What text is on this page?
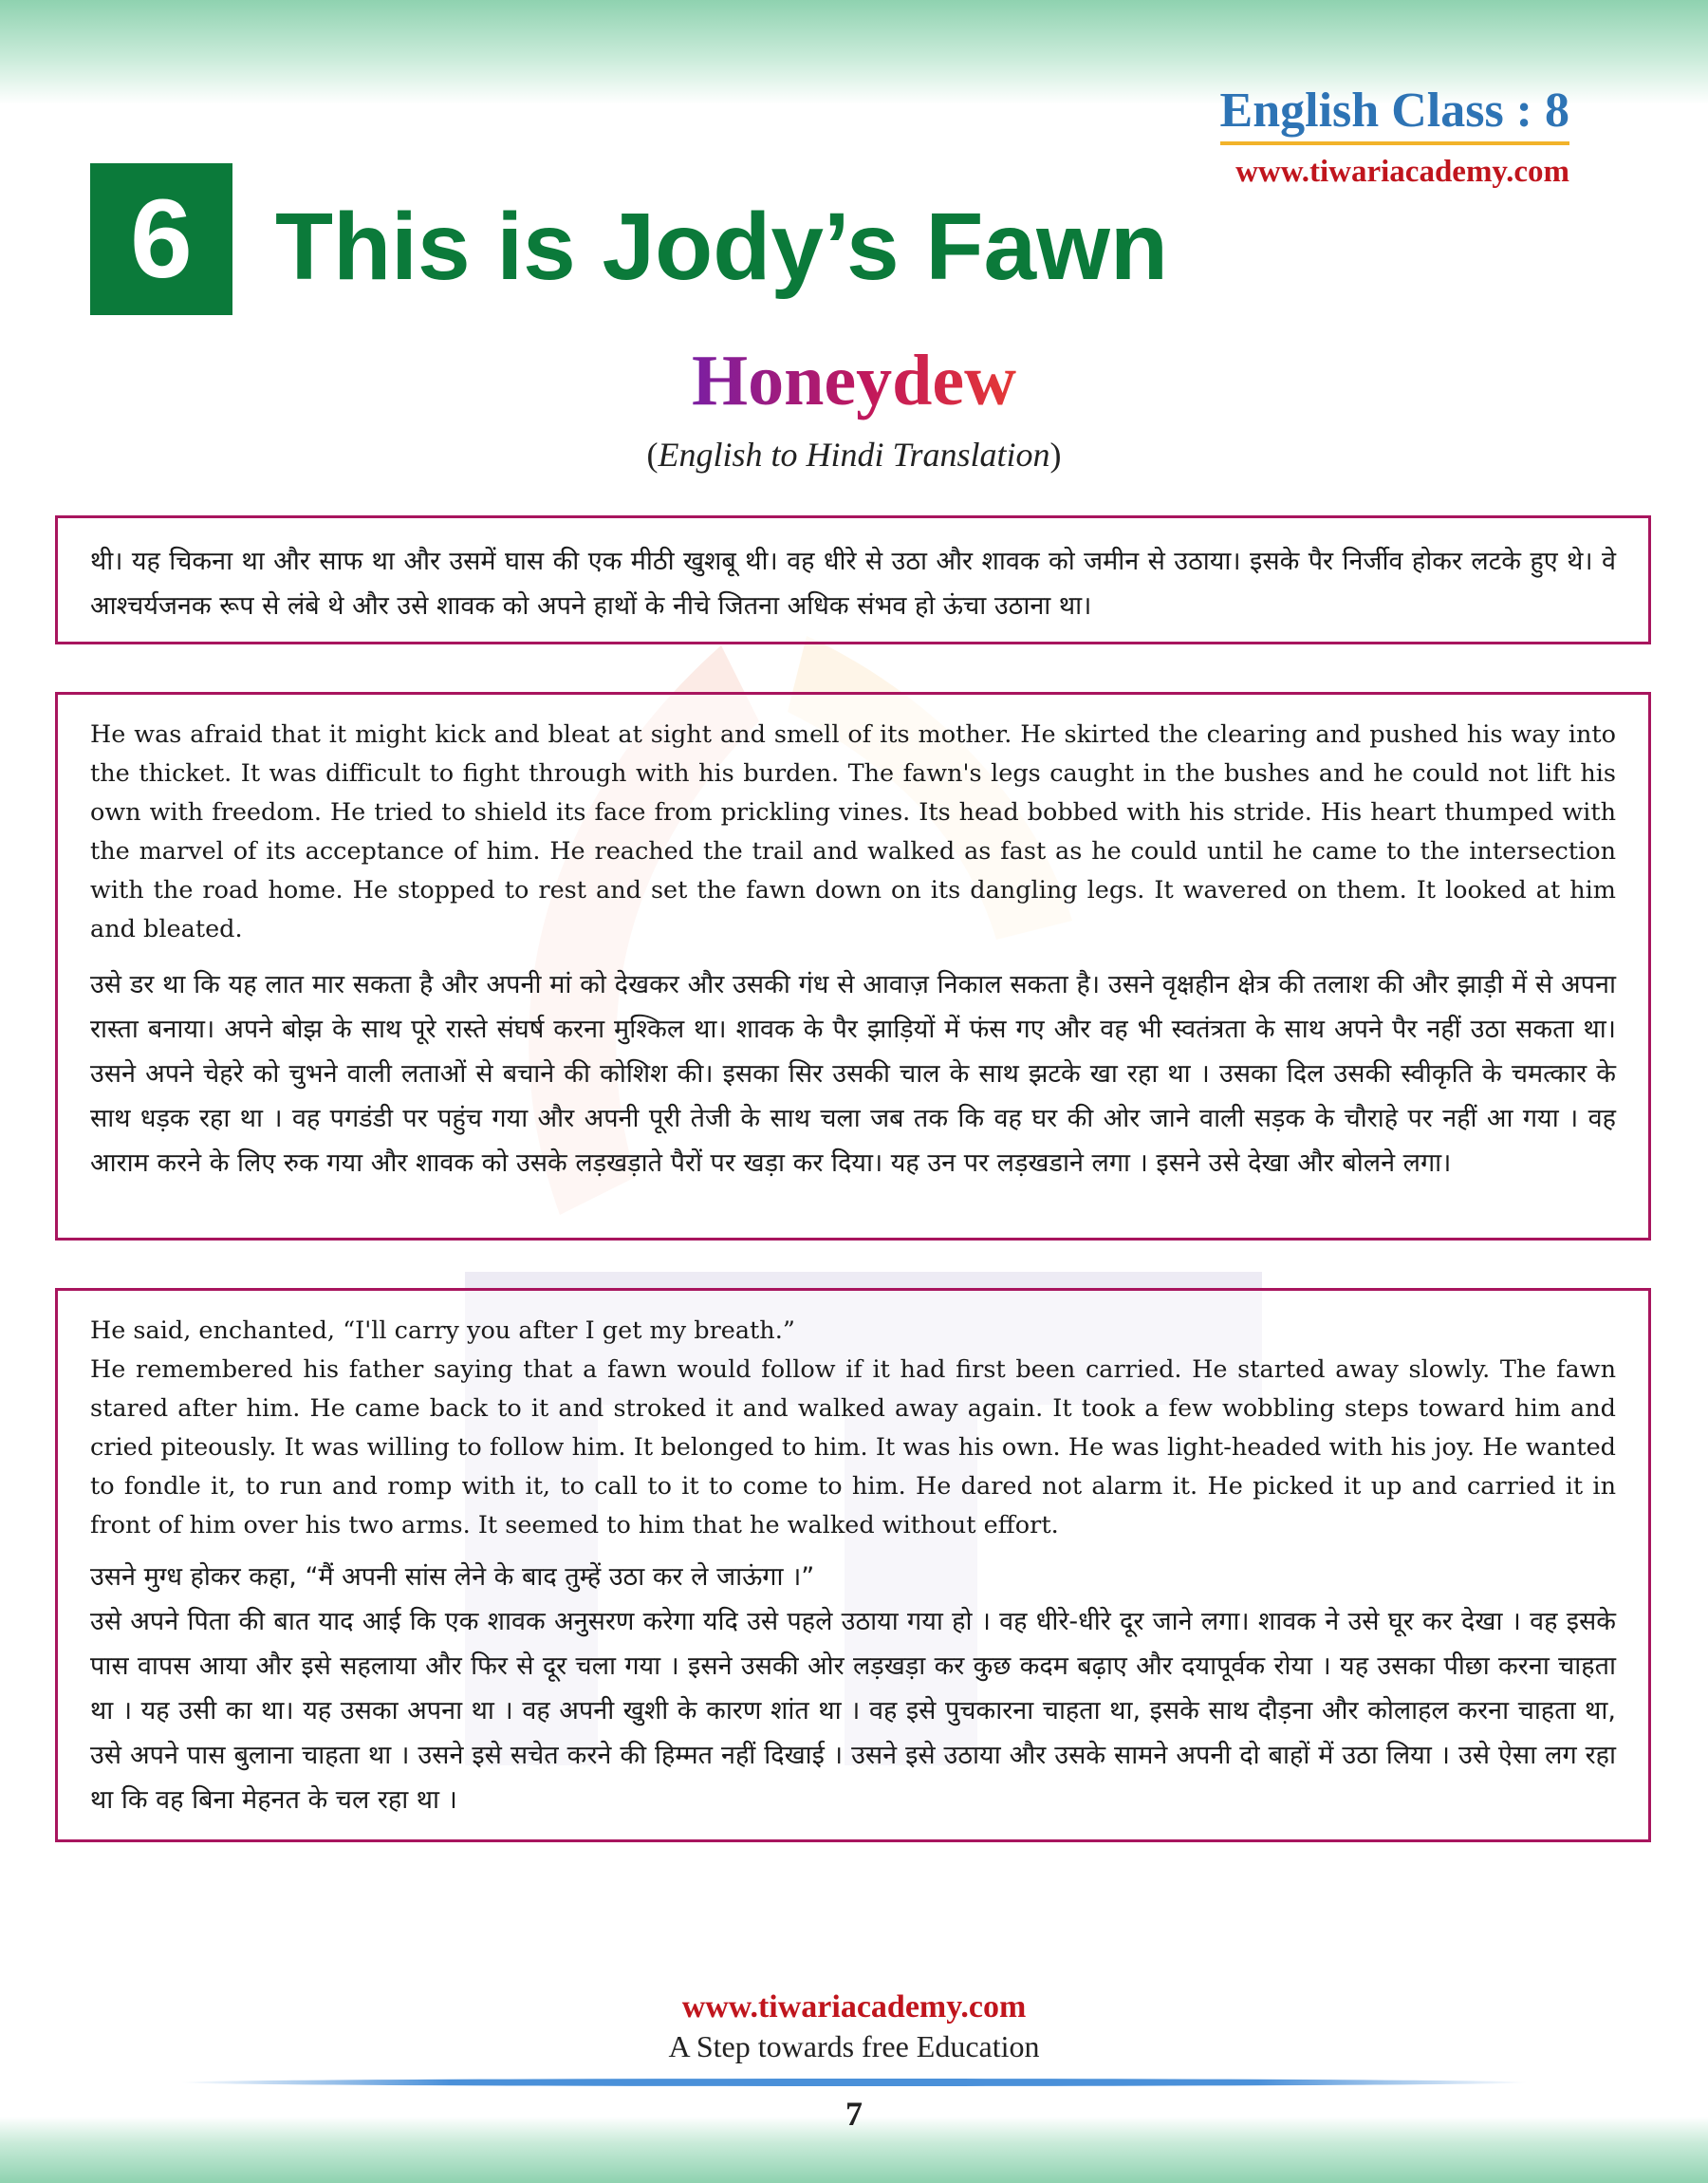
English Class : 8
www.tiwariacademy.com
6 This is Jody’s Fawn
Honeydew
(English to Hindi Translation)

थी। यह चिकना था और साफ था और उसमें घास की एक मीठी खुशबू थी। वह धीरे से उठा और शावक को जमीन से उठाया। इसके पैर निर्जीव होकर लटके हुए थे। वे आश्चर्यजनक रूप से लंबे थे और उसे शावक को अपने हाथों के नीचे जितना अधिक संभव हो ऊंचा उठाना था।

He was afraid that it might kick and bleat at sight and smell of its mother. He skirted the clearing and pushed his way into the thicket. It was difficult to fight through with his burden. The fawn's legs caught in the bushes and he could not lift his own with freedom. He tried to shield its face from prickling vines. Its head bobbed with his stride. His heart thumped with the marvel of its acceptance of him. He reached the trail and walked as fast as he could until he came to the intersection with the road home. He stopped to rest and set the fawn down on its dangling legs. It wavered on them. It looked at him and bleated.

उसे डर था कि यह लात मार सकता है और अपनी मां को देखकर और उसकी गंध से आवाज़ निकाल सकता है। उसने वृक्षहीन क्षेत्र की तलाश की और झाड़ी में से अपना रास्ता बनाया। अपने बोझ के साथ पूरे रास्ते संघर्ष करना मुश्किल था। शावक के पैर झाड़ियों में फंस गए और वह भी स्वतंत्रता के साथ अपने पैर नहीं उठा सकता था। उसने अपने चेहरे को चुभने वाली लताओं से बचाने की कोशिश की। इसका सिर उसकी चाल के साथ झटके खा रहा था । उसका दिल उसकी स्वीकृति के चमत्कार के साथ धड़क रहा था । वह पगडंडी पर पहुंच गया और अपनी पूरी तेजी के साथ चला जब तक कि वह घर की ओर जाने वाली सड़क के चौराहे पर नहीं आ गया । वह आराम करने के लिए रुक गया और शावक को उसके लड़खड़ाते पैरों पर खड़ा कर दिया। यह उन पर लड़खडाने लगा । इसने उसे देखा और बोलने लगा।

He said, enchanted, “I'll carry you after I get my breath.”

He remembered his father saying that a fawn would follow if it had first been carried. He started away slowly. The fawn stared after him. He came back to it and stroked it and walked away again. It took a few wobbling steps toward him and cried piteously. It was willing to follow him. It belonged to him. It was his own. He was light-headed with his joy. He wanted to fondle it, to run and romp with it, to call to it to come to him. He dared not alarm it. He picked it up and carried it in front of him over his two arms. It seemed to him that he walked without effort.

उसने मुग्ध होकर कहा, “मैं अपनी सांस लेने के बाद तुम्हें उठा कर ले जाऊंगा ।”

उसे अपने पिता की बात याद आई कि एक शावक अनुसरण करेगा यदि उसे पहले उठाया गया हो । वह धीरे-धीरे दूर जाने लगा। शावक ने उसे घूर कर देखा । वह इसके पास वापस आया और इसे सहलाया और फिर से दूर चला गया । इसने उसकी ओर लड़खड़ा कर कुछ कदम बढ़ाए और दयापूर्वक रोया । यह उसका पीछा करना चाहता था । यह उसी का था। यह उसका अपना था । वह अपनी खुशी के कारण शांत था । वह इसे पुचकारना चाहता था, इसके साथ दौड़ना और कोलाहल करना चाहता था, उसे अपने पास बुलाना चाहता था । उसने इसे सचेत करने की हिम्मत नहीं दिखाई । उसने इसे उठाया और उसके सामने अपनी दो बाहों में उठा लिया । उसे ऐसा लग रहा था कि वह बिना मेहनत के चल रहा था ।

www.tiwariacademy.com
A Step towards free Education
7
